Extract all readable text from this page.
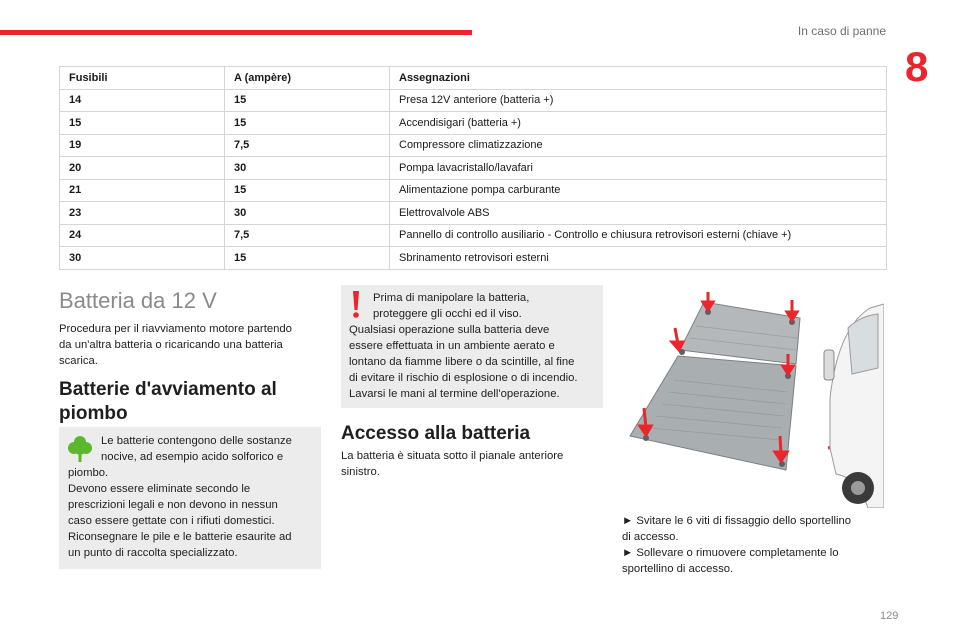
In caso di panne
8
Fusibili	A (ampère)	Assegnazioni
14	15	Presa 12V anteriore (batteria +)
15	15	Accendisigari (batteria +)
19	7,5	Compressore climatizzazione
20	30	Pompa lavacristallo/lavafari
21	15	Alimentazione pompa carburante
23	30	Elettrovalvole ABS
24	7,5	Pannello di controllo ausiliario - Controllo e chiusura retrovisori esterni (chiave +)
30	15	Sbrinamento retrovisori esterni
Batteria da 12 V
Procedura per il riavviamento motore partendo
da un'altra batteria o ricaricando una batteria
scarica.
Batterie d'avviamento al
piombo
Le batterie contengono delle sostanze
nocive, ad esempio acido solforico e
piombo.
Devono essere eliminate secondo le
prescrizioni legali e non devono in nessun
caso essere gettate con i rifiuti domestici.
Riconsegnare le pile e le batterie esaurite ad
un punto di raccolta specializzato.
Prima di manipolare la batteria,
proteggere gli occhi ed il viso.
Qualsiasi operazione sulla batteria deve
essere effettuata in un ambiente aerato e
lontano da fiamme libere o da scintille, al fine
di evitare il rischio di esplosione o di incendio.
Lavarsi le mani al termine dell'operazione.
Accesso alla batteria
La batteria è situata sotto il pianale anteriore
sinistro.
► Svitare le 6 viti di fissaggio dello sportellino
di accesso.
► Sollevare o rimuovere completamente lo
sportellino di accesso.
129
